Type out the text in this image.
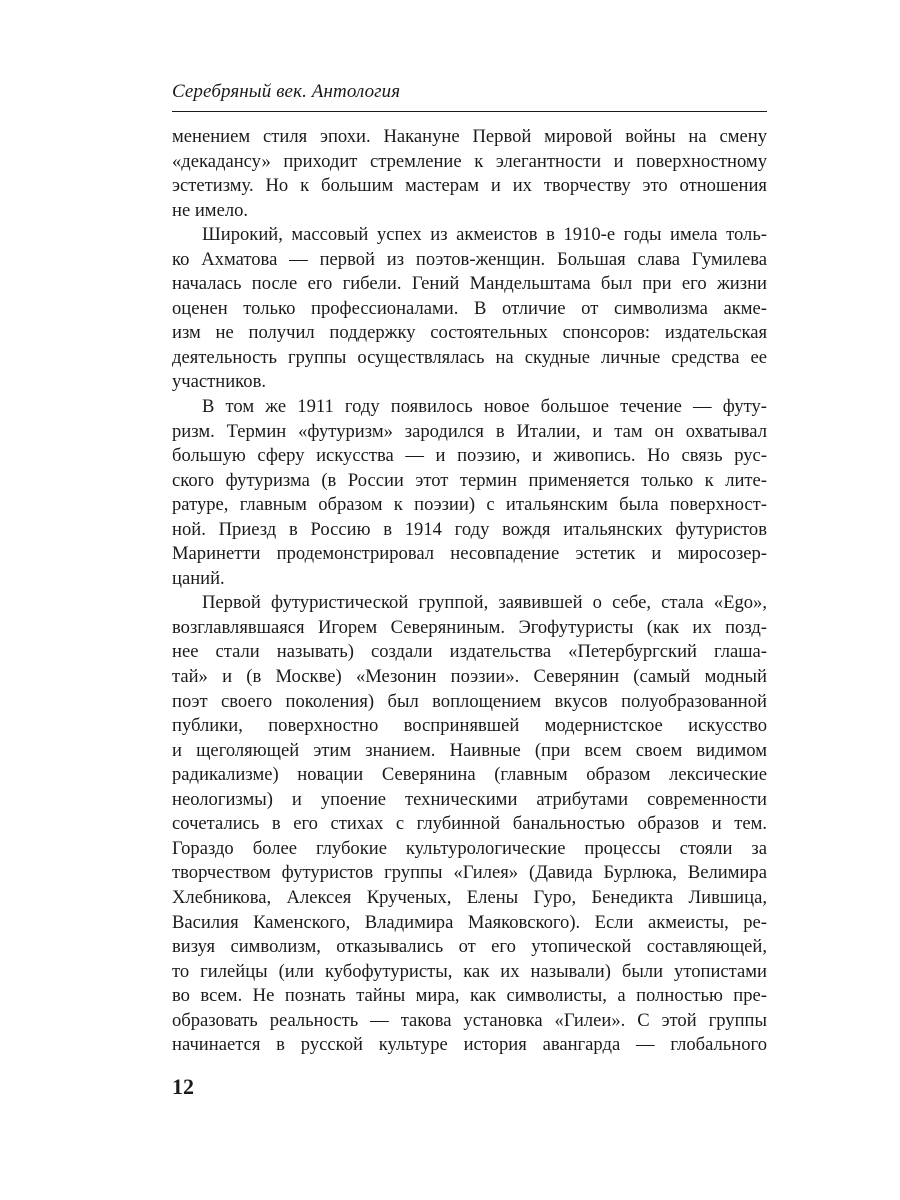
Серебряный век. Антология
менением стиля эпохи. Накануне Первой мировой войны на смену
«декадансу» приходит стремление к элегантности и поверхностному
эстетизму. Но к большим мастерам и их творчеству это отношения
не имело.
Широкий, массовый успех из акмеистов в 1910-е годы имела толь-
ко Ахматова — первой из поэтов-женщин. Большая слава Гумилева
началась после его гибели. Гений Мандельштама был при его жизни
оценен только профессионалами. В отличие от символизма акме-
изм не получил поддержку состоятельных спонсоров: издательская
деятельность группы осуществлялась на скудные личные средства ее
участников.
В том же 1911 году появилось новое большое течение — футу-
ризм. Термин «футуризм» зародился в Италии, и там он охватывал
большую сферу искусства — и поэзию, и живопись. Но связь рус-
ского футуризма (в России этот термин применяется только к лите-
ратуре, главным образом к поэзии) с итальянским была поверхност-
ной. Приезд в Россию в 1914 году вождя итальянских футуристов
Маринетти продемонстрировал несовпадение эстетик и миросозер-
цаний.
Первой футуристической группой, заявившей о себе, стала «Ego»,
возглавлявшаяся Игорем Северяниным. Эгофутуристы (как их позд-
нее стали называть) создали издательства «Петербургский глаша-
тай» и (в Москве) «Мезонин поэзии». Северянин (самый модный
поэт своего поколения) был воплощением вкусов полуобразованной
публики, поверхностно воспринявшей модернистское искусство
и щеголяющей этим знанием. Наивные (при всем своем видимом
радикализме) новации Северянина (главным образом лексические
неологизмы) и упоение техническими атрибутами современности
сочетались в его стихах с глубинной банальностью образов и тем.
Гораздо более глубокие культурологические процессы стояли за
творчеством футуристов группы «Гилея» (Давида Бурлюка, Велимира
Хлебникова, Алексея Крученых, Елены Гуро, Бенедикта Лившица,
Василия Каменского, Владимира Маяковского). Если акмеисты, ре-
визуя символизм, отказывались от его утопической составляющей,
то гилейцы (или кубофутуристы, как их называли) были утопистами
во всем. Не познать тайны мира, как символисты, а полностью пре-
образовать реальность — такова установка «Гилеи». С этой группы
начинается в русской культуре история авангарда — глобального
12
